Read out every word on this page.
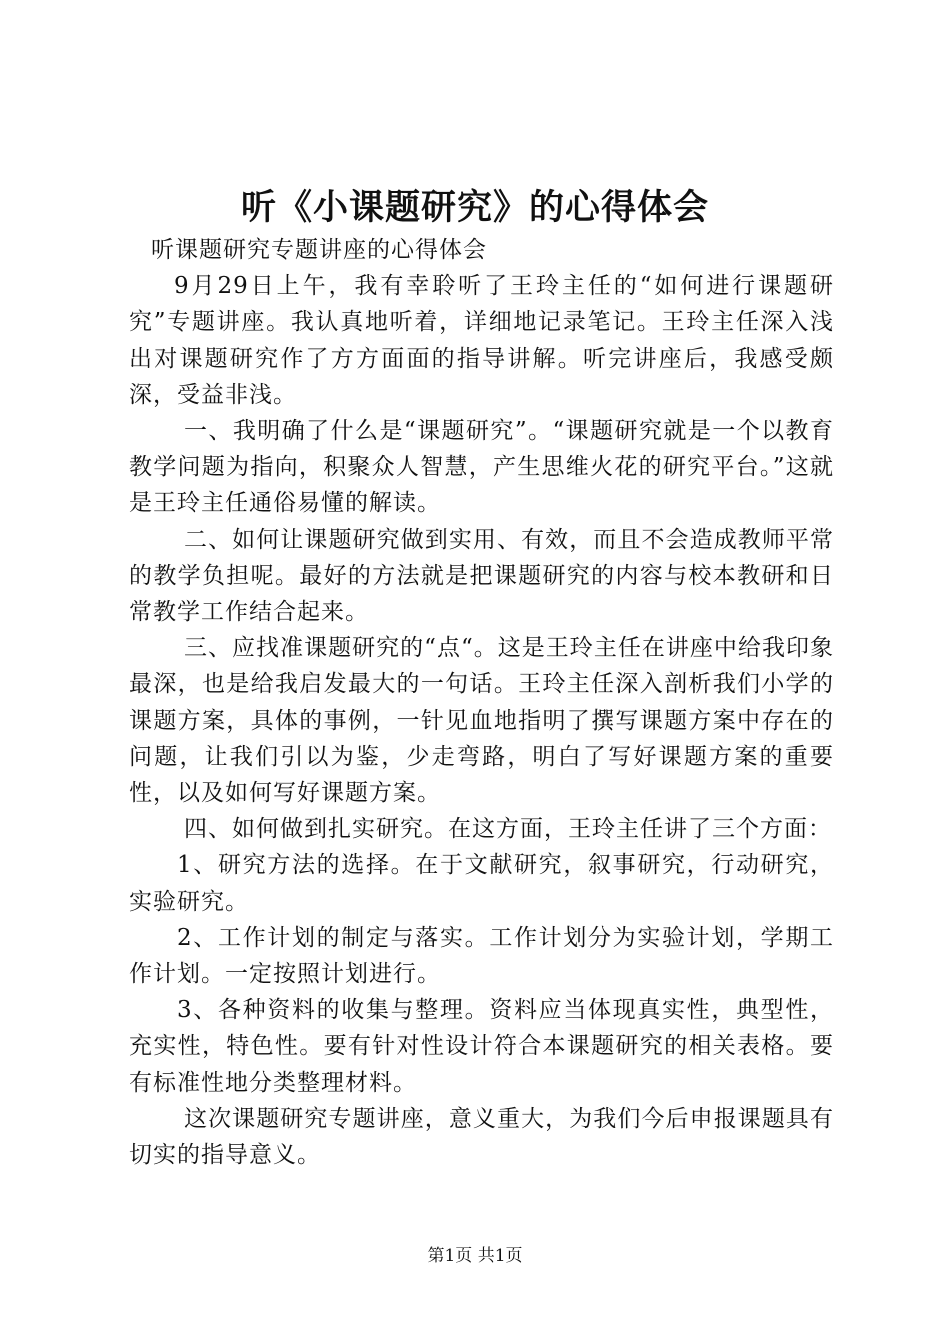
听《小课题研究》的心得体会

听课题研究专题讲座的心得体会

9月29日上午，我有幸聆听了王玲主任的“如何进行课题研究”专题讲座。我认真地听着，详细地记录笔记。王玲主任深入浅出对课题研究作了方方面面的指导讲解。听完讲座后，我感受颇深，受益非浅。

一、我明确了什么是“课题研究”。“课题研究就是一个以教育教学问题为指向，积聚众人智慧，产生思维火花的研究平台。”这就是王玲主任通俗易懂的解读。

二、如何让课题研究做到实用、有效，而且不会造成教师平常的教学负担呢。最好的方法就是把课题研究的内容与校本教研和日常教学工作结合起来。

三、应找准课题研究的“点“。这是王玲主任在讲座中给我印象最深，也是给我启发最大的一句话。王玲主任深入剖析我们小学的课题方案，具体的事例，一针见血地指明了撰写课题方案中存在的问题，让我们引以为鉴，少走弯路，明白了写好课题方案的重要性，以及如何写好课题方案。

四、如何做到扎实研究。在这方面，王玲主任讲了三个方面：

1、研究方法的选择。在于文献研究，叙事研究，行动研究，实验研究。

2、工作计划的制定与落实。工作计划分为实验计划，学期工作计划。一定按照计划进行。

3、各种资料的收集与整理。资料应当体现真实性，典型性，充实性，特色性。要有针对性设计符合本课题研究的相关表格。要有标准性地分类整理材料。

这次课题研究专题讲座，意义重大，为我们今后申报课题具有切实的指导意义。

第1页 共1页
